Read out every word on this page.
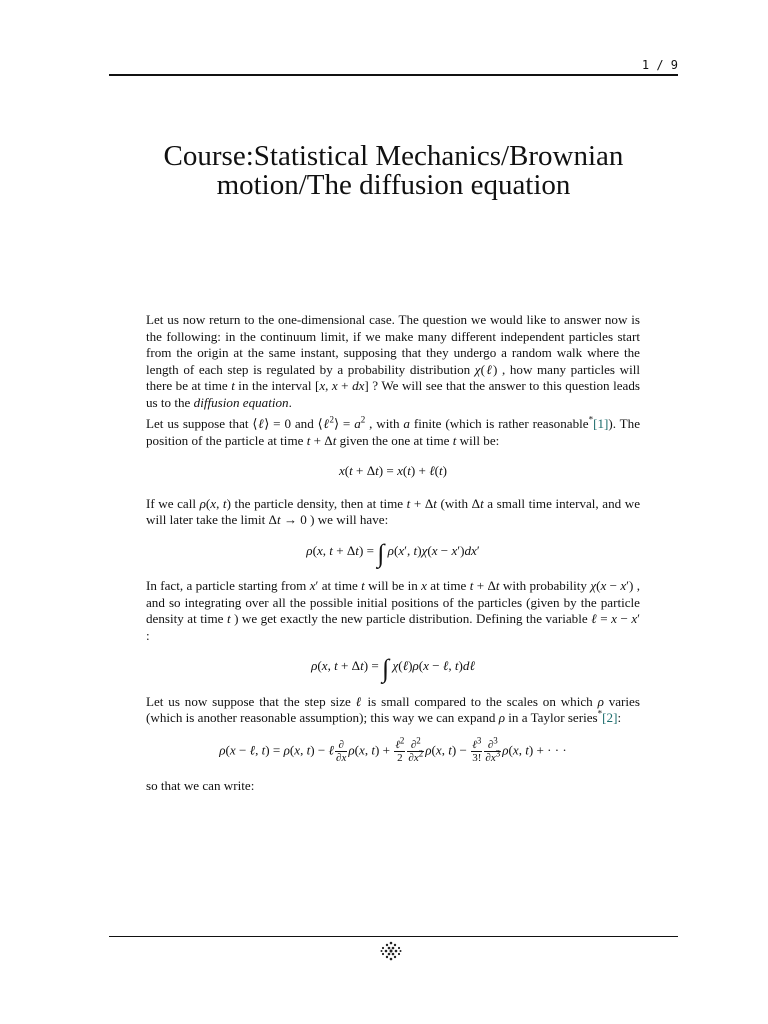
1 / 9
Course:Statistical Mechanics/Brownian motion/The diffusion equation

Let us now return to the one-dimensional case. The question we would like to answer now is the following: in the continuum limit, if we make many different independent particles start from the origin at the same instant, supposing that they undergo a random walk where the length of each step is regulated by a probability distribution χ(ℓ) , how many particles will there be at time t in the interval [x, x + dx] ? We will see that the answer to this question leads us to the diffusion equation.

Let us suppose that ⟨ℓ⟩ = 0 and ⟨ℓ$^2$⟩ = $a^2$ , with a finite (which is rather reasonable*[1]). The position of the particle at time t + Δt given the one at time t will be:

x(t + Δt) = x(t) + ℓ(t)

If we call ρ(x, t) the particle density, then at time t + Δt (with Δt a small time interval, and we will later take the limit Δt → 0 ) we will have:

ρ(x, t + Δt) = ∫ ρ(x′, t)χ(x − x′)dx′

In fact, a particle starting from x′ at time t will be in x at time t + Δt with probability χ(x − x′) , and so integrating over all the possible initial positions of the particles (given by the particle density at time t ) we get exactly the new particle distribution. Defining the variable ℓ = x − x′ :

ρ(x, t + Δt) = ∫ χ(ℓ)ρ(x − ℓ, t)dℓ

Let us now suppose that the step size ℓ is small compared to the scales on which ρ varies (which is another reasonable assumption); this way we can expand ρ in a Taylor series*[2]:

ρ(x − ℓ, t) = ρ(x, t) − ℓ $\frac{\partial}{\partial x} \rho(x$, $t) + \frac{\ell^2}{2} \frac{\partial^2}{\partial x^2} \rho(x$, $t) - \frac{\ell^3}{3!} \frac{\partial^3}{\partial x^3} \rho(x$, t) + · · ·

so that we can write:
